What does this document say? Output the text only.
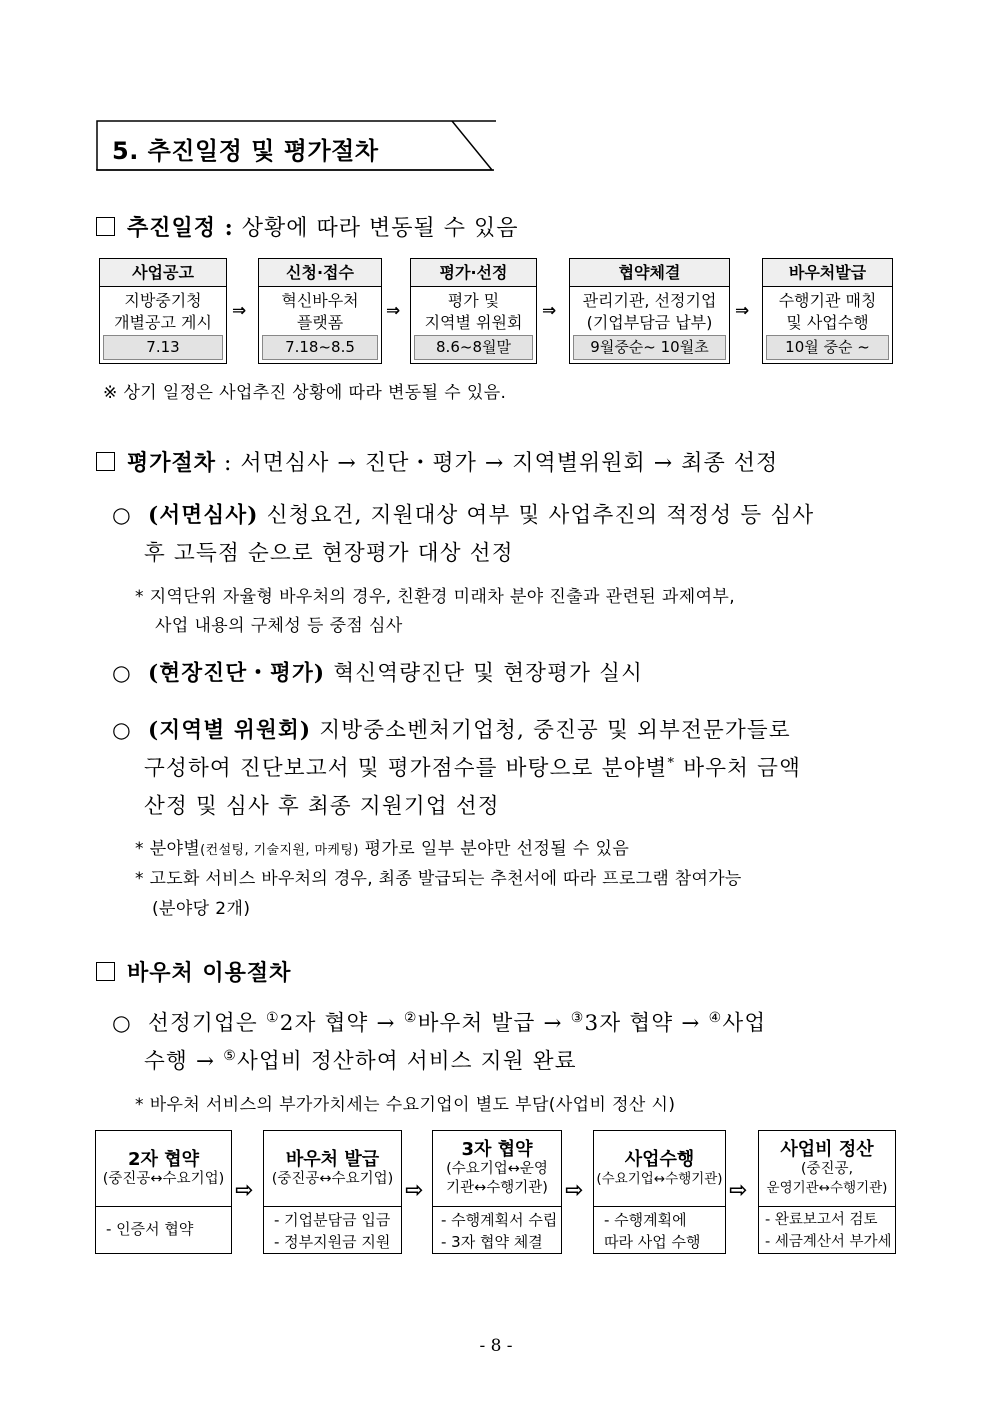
5. 추진일정 및 평가절차
추진일정 : 상황에 따라 변동될 수 있음
사업공고
지방중기청
개별공고 게시
7.13
⇒
신청·접수
혁신바우처
플랫폼
7.18~8.5
⇒
평가·선정
평가 및
지역별 위원회
8.6~8월말
⇒
협약체결
관리기관, 선정기업
(기업부담금 납부)
9월중순~ 10월초
⇒
바우처발급
수행기관 매칭
및 사업수행
10월 중순 ~
※ 상기 일정은 사업추진 상황에 따라 변동될 수 있음.
평가절차 : 서면심사 → 진단・평가 → 지역별위원회 → 최종 선정
○ (서면심사) 신청요건, 지원대상 여부 및 사업추진의 적정성 등 심사
후 고득점 순으로 현장평가 대상 선정
* 지역단위 자율형 바우처의 경우, 친환경 미래차 분야 진출과 관련된 과제여부,
사업 내용의 구체성 등 중점 심사
○ (현장진단・평가) 혁신역량진단 및 현장평가 실시
○ (지역별 위원회) 지방중소벤처기업청, 중진공 및 외부전문가들로
구성하여 진단보고서 및 평가점수를 바탕으로 분야별* 바우처 금액
산정 및 심사 후 최종 지원기업 선정
* 분야별(컨설팅, 기술지원, 마케팅) 평가로 일부 분야만 선정될 수 있음
* 고도화 서비스 바우처의 경우, 최종 발급되는 추천서에 따라 프로그램 참여가능
(분야당 2개)
바우처 이용절차
○ 선정기업은 ①2자 협약 → ②바우처 발급 → ③3자 협약 → ④사업
수행 → ⑤사업비 정산하여 서비스 지원 완료
* 바우처 서비스의 부가가치세는 수요기업이 별도 부담(사업비 정산 시)
2자 협약
(중진공↔수요기업)
- 인증서 협약
⇨
바우처 발급
(중진공↔수요기업)
- 기업분담금 입금
- 정부지원금 지원
⇨
3자 협약
(수요기업↔운영
기관↔수행기관)
- 수행계획서 수립
- 3자 협약 체결
⇨
사업수행
(수요기업↔수행기관)
- 수행계획에
따라 사업 수행
⇨
사업비 정산
(중진공,
운영기관↔수행기관)
- 완료보고서 검토
- 세금계산서 부가세
- 8 -
